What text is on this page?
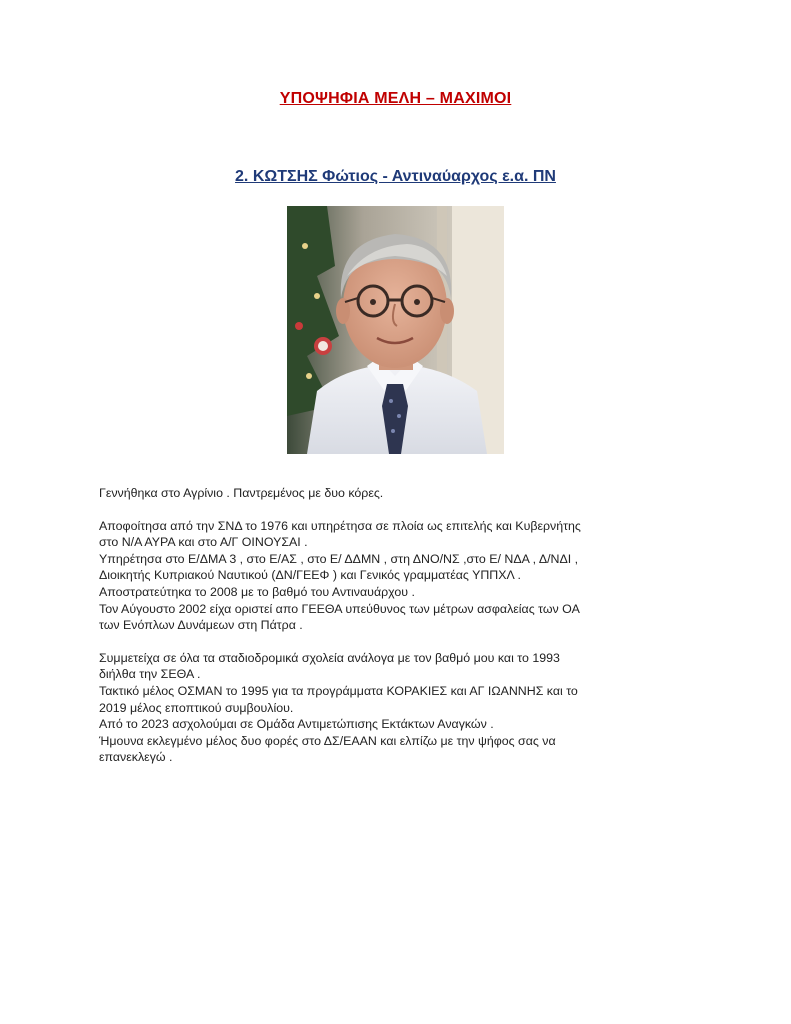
ΥΠΟΨΗΦΙΑ ΜΕΛΗ – ΜΑΧΙΜΟΙ
2. ΚΩΤΣΗΣ Φώτιος - Αντιναύαρχος ε.α. ΠΝ

Γεννήθηκα στο Αγρίνιο . Παντρεμένος με δυο κόρες.

Αποφοίτησα από την ΣΝΔ το 1976 και υπηρέτησα σε πλοία ως επιτελής και Κυβερνήτης

στο Ν/Α ΑΥΡΑ και στο Α/Γ ΟΙΝΟΥΣΑΙ .

Υπηρέτησα στο Ε/ΔΜΑ 3 , στο Ε/ΑΣ , στο Ε/ ΔΔΜΝ , στη ΔΝΟ/ΝΣ ,στο Ε/ ΝΔΑ , Δ/ΝΔΙ ,

Διοικητής Κυπριακού Ναυτικού (ΔΝ/ΓΕΕΦ ) και Γενικός γραμματέας ΥΠΠΧΛ .

Αποστρατεύτηκα το 2008 με το βαθμό του Αντιναυάρχου .

Τον Αύγουστο 2002 είχα οριστεί απο ΓΕΕΘΑ υπεύθυνος των μέτρων ασφαλείας των ΟΑ

των Ενόπλων Δυνάμεων στη Πάτρα .

Συμμετείχα σε όλα τα σταδιοδρομικά σχολεία ανάλογα με τον βαθμό μου και το 1993

διήλθα την ΣΕΘΑ .

Τακτικό μέλος ΟΣΜΑΝ το 1995 για τα προγράμματα ΚΟΡΑΚΙΕΣ και ΑΓ ΙΩΑΝΝΗΣ και το

2019 μέλος εποπτικού συμβουλίου.

Από το 2023 ασχολούμαι σε Ομάδα Αντιμετώπισης Εκτάκτων Αναγκών .

Ήμουνα εκλεγμένο μέλος δυο φορές στο ΔΣ/ΕΑΑΝ και ελπίζω με την ψήφος σας να

επανεκλεγώ .
